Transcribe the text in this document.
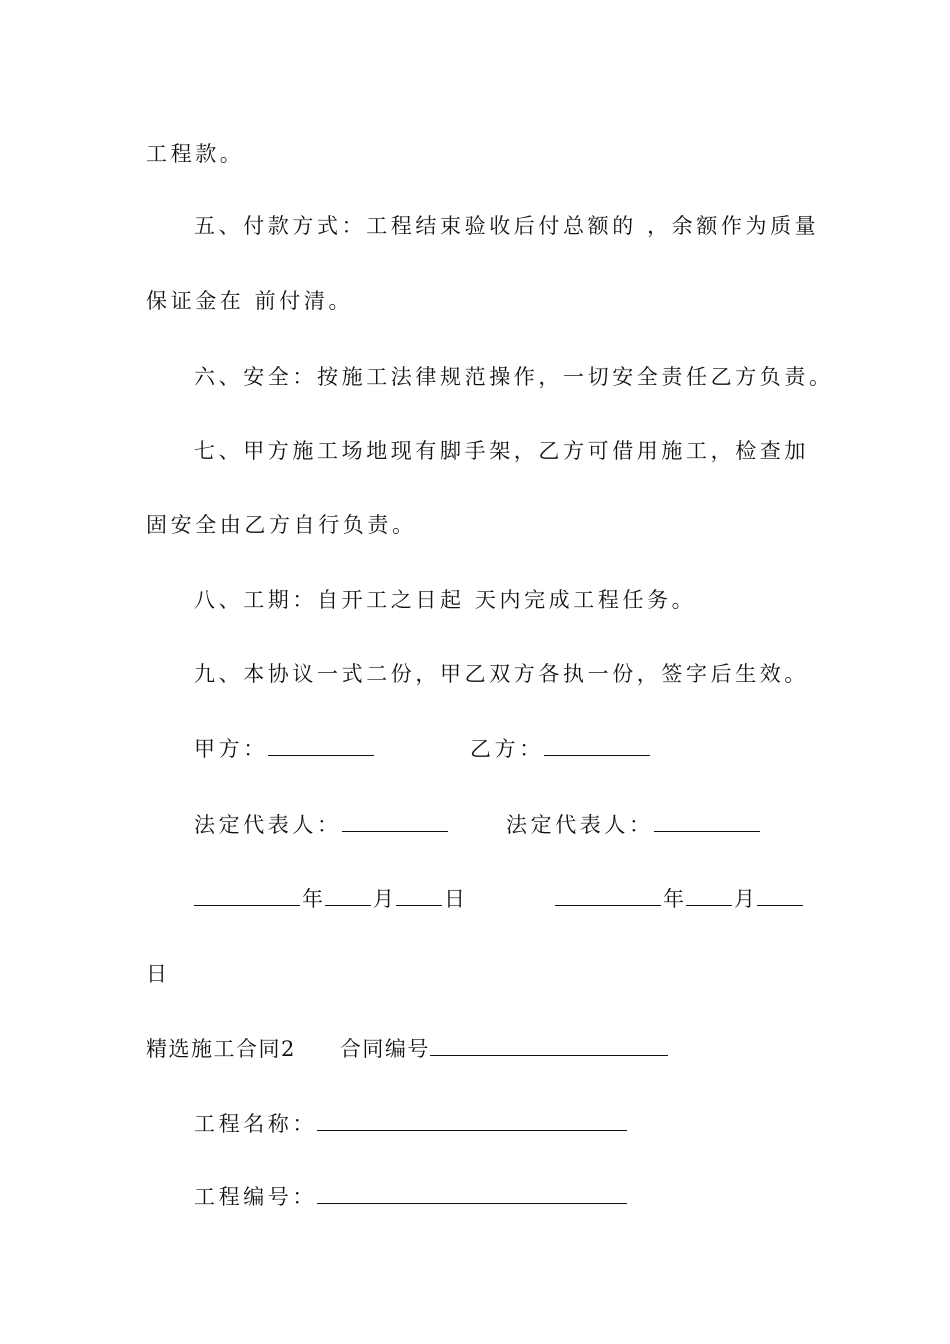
工程款。
五、付款方式：工程结束验收后付总额的 ，余额作为质量
保证金在 前付清。
六、安全：按施工法律规范操作，一切安全责任乙方负责。
七、甲方施工场地现有脚手架，乙方可借用施工，检查加
固安全由乙方自行负责。
八、工期：自开工之日起 天内完成工程任务。
九、本协议一式二份，甲乙双方各执一份，签字后生效。
甲方：	乙方：
法定代表人：	法定代表人：
年 月 日	年 月
日
精选施工合同2 合同编号
工程名称：
工程编号：
